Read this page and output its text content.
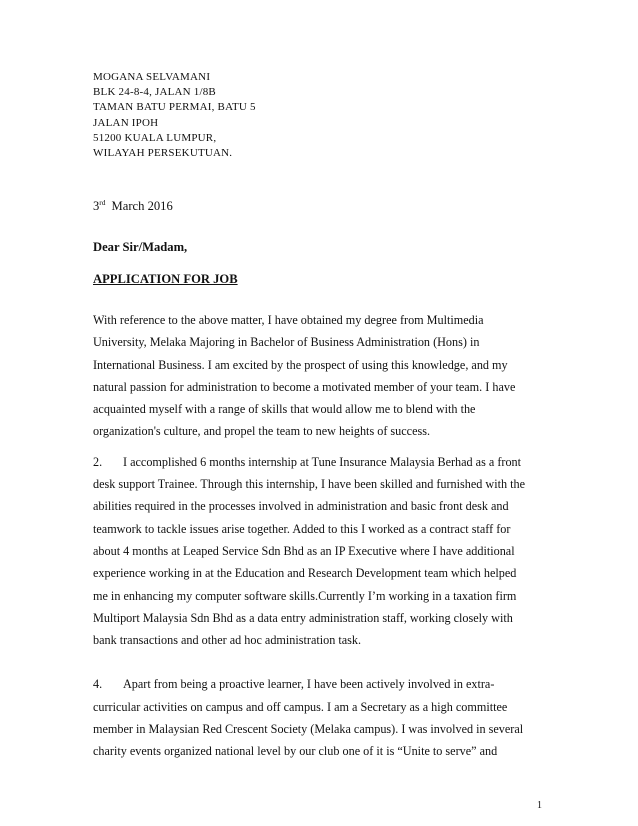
MOGANA SELVAMANI
BLK 24-8-4, JALAN 1/8B
TAMAN BATU PERMAI, BATU 5
JALAN IPOH
51200 KUALA LUMPUR,
WILAYAH PERSEKUTUAN.
3rd March 2016
Dear Sir/Madam,
APPLICATION FOR JOB
With reference to the above matter, I have obtained my degree from Multimedia
University, Melaka Majoring in Bachelor of Business Administration (Hons) in
International Business. I am excited by the prospect of using this knowledge, and my
natural passion for administration to become a motivated member of your team. I have
acquainted myself with a range of skills that would allow me to blend with the
organization's culture, and propel the team to new heights of success.
2. I accomplished 6 months internship at Tune Insurance Malaysia Berhad as a front
desk support Trainee. Through this internship, I have been skilled and furnished with the
abilities required in the processes involved in administration and basic front desk and
teamwork to tackle issues arise together. Added to this I worked as a contract staff for
about 4 months at Leaped Service Sdn Bhd as an IP Executive where I have additional
experience working in at the Education and Research Development team which helped
me in enhancing my computer software skills.Currently I’m working in a taxation firm
Multiport Malaysia Sdn Bhd as a data entry administration staff, working closely with
bank transactions and other ad hoc administration task.
4. Apart from being a proactive learner, I have been actively involved in extra-
curricular activities on campus and off campus. I am a Secretary as a high committee
member in Malaysian Red Crescent Society (Melaka campus). I was involved in several
charity events organized national level by our club one of it is “Unite to serve” and
1
